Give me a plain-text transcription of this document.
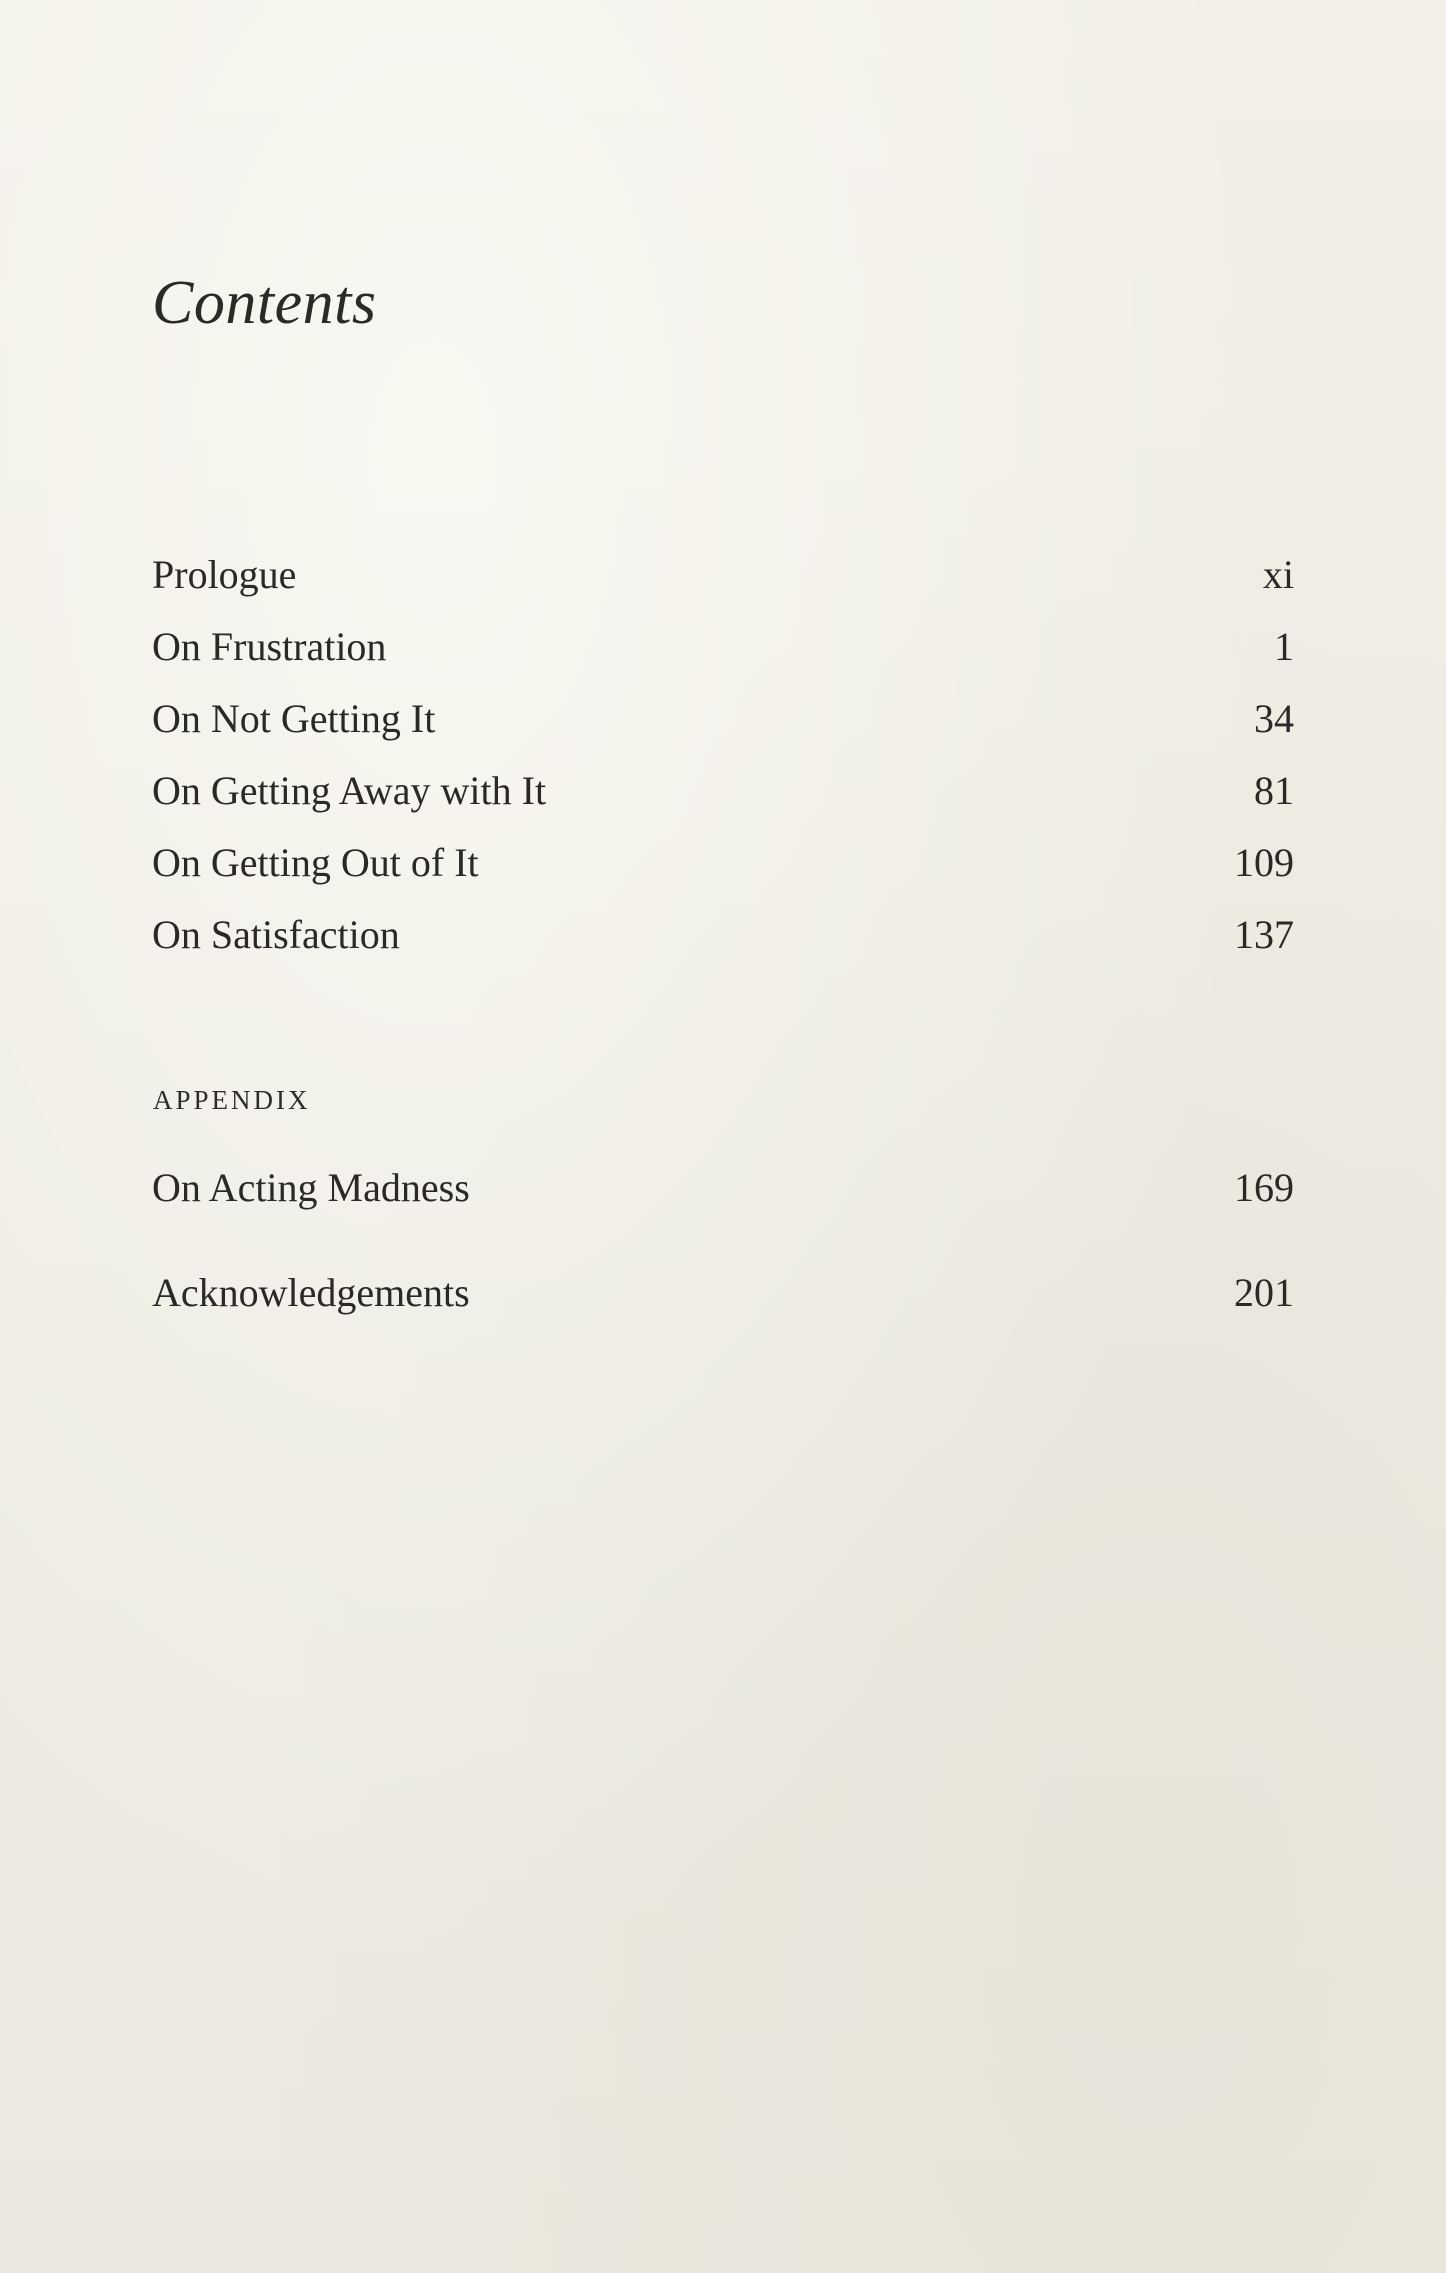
Contents
Prologue	xi
On Frustration	1
On Not Getting It	34
On Getting Away with It	81
On Getting Out of It	109
On Satisfaction	137
APPENDIX
On Acting Madness	169
Acknowledgements	201
